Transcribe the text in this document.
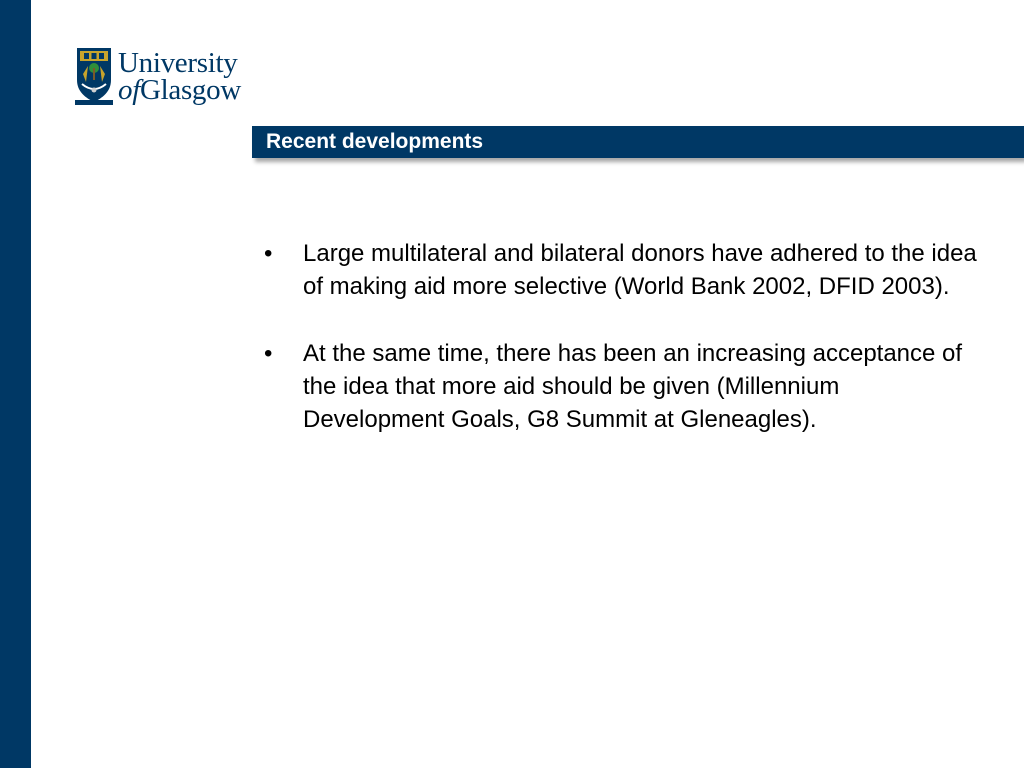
University
ofGlasgow
Recent developments
• Large multilateral and bilateral donors have adhered to the idea of making aid more selective (World Bank 2002, DFID 2003).
• At the same time, there has been an increasing acceptance of the idea that more aid should be given (Millennium Development Goals, G8 Summit at Gleneagles).
